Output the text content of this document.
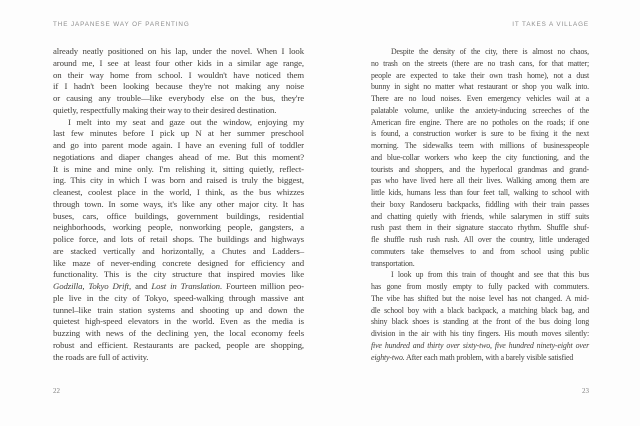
THE JAPANESE WAY OF PARENTING
already neatly positioned on his lap, under the novel. When I look
around me, I see at least four other kids in a similar age range,
on their way home from school. I wouldn't have noticed them
if I hadn't been looking because they're not making any noise
or causing any trouble—like everybody else on the bus, they're
quietly, respectfully making their way to their desired destination.
I melt into my seat and gaze out the window, enjoying my
last few minutes before I pick up N at her summer preschool
and go into parent mode again. I have an evening full of toddler
negotiations and diaper changes ahead of me. But this moment?
It is mine and mine only. I'm relishing it, sitting quietly, reflect-
ing. This city in which I was born and raised is truly the biggest,
cleanest, coolest place in the world, I think, as the bus whizzes
through town. In some ways, it's like any other major city. It has
buses, cars, office buildings, government buildings, residential
neighborhoods, working people, nonworking people, gangsters, a
police force, and lots of retail shops. The buildings and highways
are stacked vertically and horizontally, a Chutes and Ladders–
like maze of never-ending concrete designed for efficiency and
functionality. This is the city structure that inspired movies like
Godzilla, Tokyo Drift, and Lost in Translation. Fourteen million peo-
ple live in the city of Tokyo, speed-walking through massive ant
tunnel–like train station systems and shooting up and down the
quietest high-speed elevators in the world. Even as the media is
buzzing with news of the declining yen, the local economy feels
robust and efficient. Restaurants are packed, people are shopping,
the roads are full of activity.
22
IT TAKES A VILLAGE
Despite the density of the city, there is almost no chaos,
no trash on the streets (there are no trash cans, for that matter;
people are expected to take their own trash home), not a dust
bunny in sight no matter what restaurant or shop you walk into.
There are no loud noises. Even emergency vehicles wail at a
palatable volume, unlike the anxiety-inducing screeches of the
American fire engine. There are no potholes on the roads; if one
is found, a construction worker is sure to be fixing it the next
morning. The sidewalks teem with millions of businesspeople
and blue-collar workers who keep the city functioning, and the
tourists and shoppers, and the hyperlocal grandmas and grand-
pas who have lived here all their lives. Walking among them are
little kids, humans less than four feet tall, walking to school with
their boxy Randoseru backpacks, fiddling with their train passes
and chatting quietly with friends, while salarymen in stiff suits
rush past them in their signature staccato rhythm. Shuffle shuf-
fle shuffle rush rush rush. All over the country, little underaged
commuters take themselves to and from school using public
transportation.
I look up from this train of thought and see that this bus
has gone from mostly empty to fully packed with commuters.
The vibe has shifted but the noise level has not changed. A mid-
dle school boy with a black backpack, a matching black bag, and
shiny black shoes is standing at the front of the bus doing long
division in the air with his tiny fingers. His mouth moves silently:
five hundred and thirty over sixty-two, five hundred ninety-eight over
eighty-two. After each math problem, with a barely visible satisfied
23
